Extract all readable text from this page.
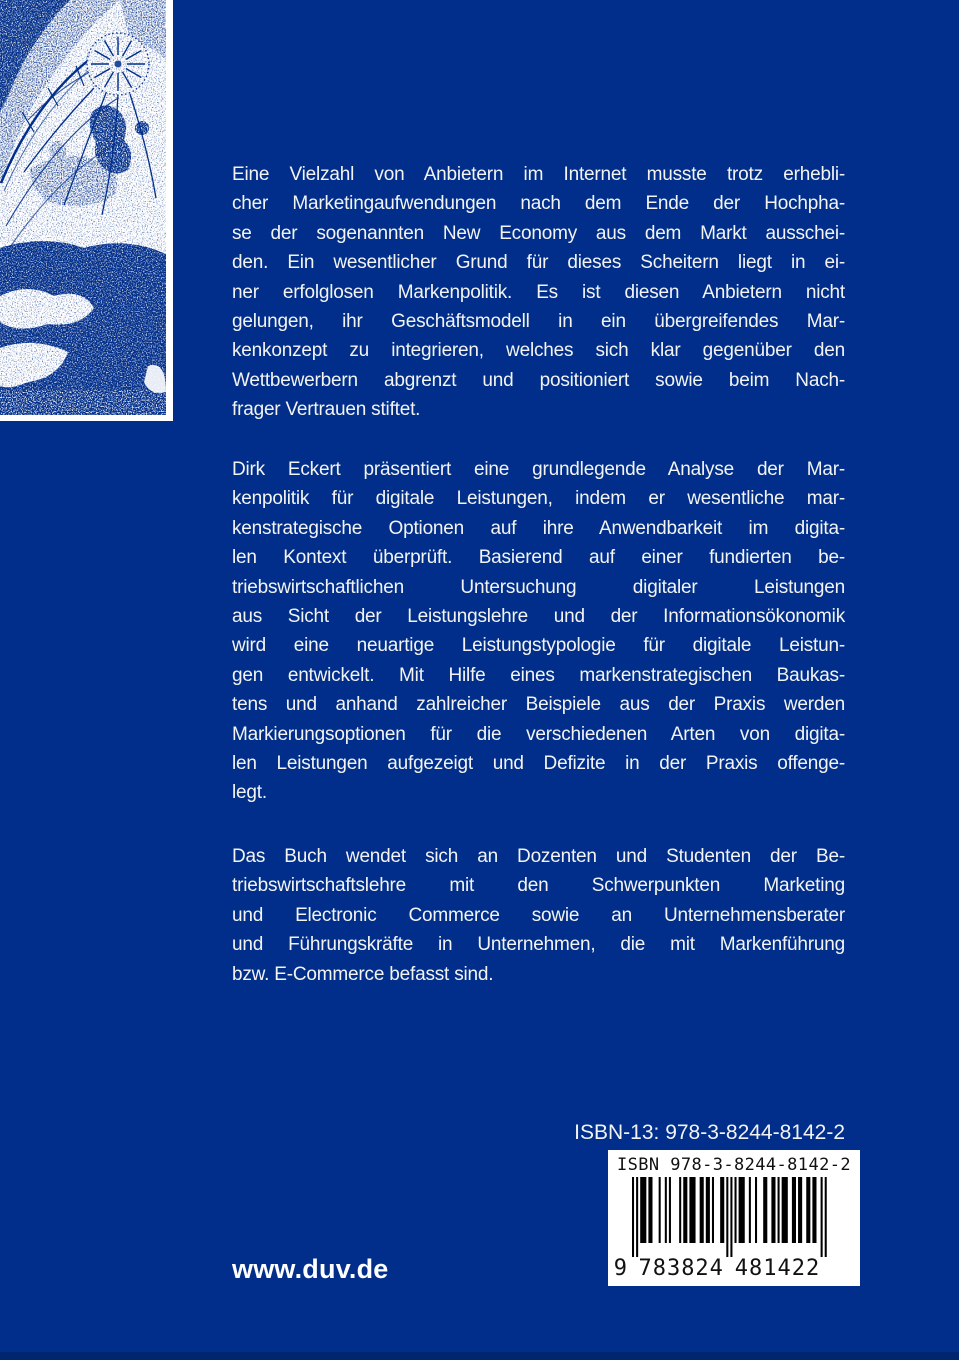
Eine Vielzahl von Anbietern im Internet musste trotz erhebli-
cher Marketingaufwendungen nach dem Ende der Hochpha-
se der sogenannten New Economy aus dem Markt ausschei-
den. Ein wesentlicher Grund für dieses Scheitern liegt in ei-
ner erfolglosen Markenpolitik. Es ist diesen Anbietern nicht
gelungen, ihr Geschäftsmodell in ein übergreifendes Mar-
kenkonzept zu integrieren, welches sich klar gegenüber den
Wettbewerbern abgrenzt und positioniert sowie beim Nach-
frager Vertrauen stiftet.
Dirk Eckert präsentiert eine grundlegende Analyse der Mar-
kenpolitik für digitale Leistungen, indem er wesentliche mar-
kenstrategische Optionen auf ihre Anwendbarkeit im digita-
len Kontext überprüft. Basierend auf einer fundierten be-
triebswirtschaftlichen Untersuchung digitaler Leistungen
aus Sicht der Leistungslehre und der Informationsökonomik
wird eine neuartige Leistungstypologie für digitale Leistun-
gen entwickelt. Mit Hilfe eines markenstrategischen Baukas-
tens und anhand zahlreicher Beispiele aus der Praxis werden
Markierungsoptionen für die verschiedenen Arten von digita-
len Leistungen aufgezeigt und Defizite in der Praxis offenge-
legt.
Das Buch wendet sich an Dozenten und Studenten der Be-
triebswirtschaftslehre mit den Schwerpunkten Marketing
und Electronic Commerce sowie an Unternehmensberater
und Führungskräfte in Unternehmen, die mit Markenführung
bzw. E-Commerce befasst sind.
ISBN-13: 978-3-8244-8142-2
ISBN 978-3-8244-8142-2
9 783824 481422
www.duv.de
